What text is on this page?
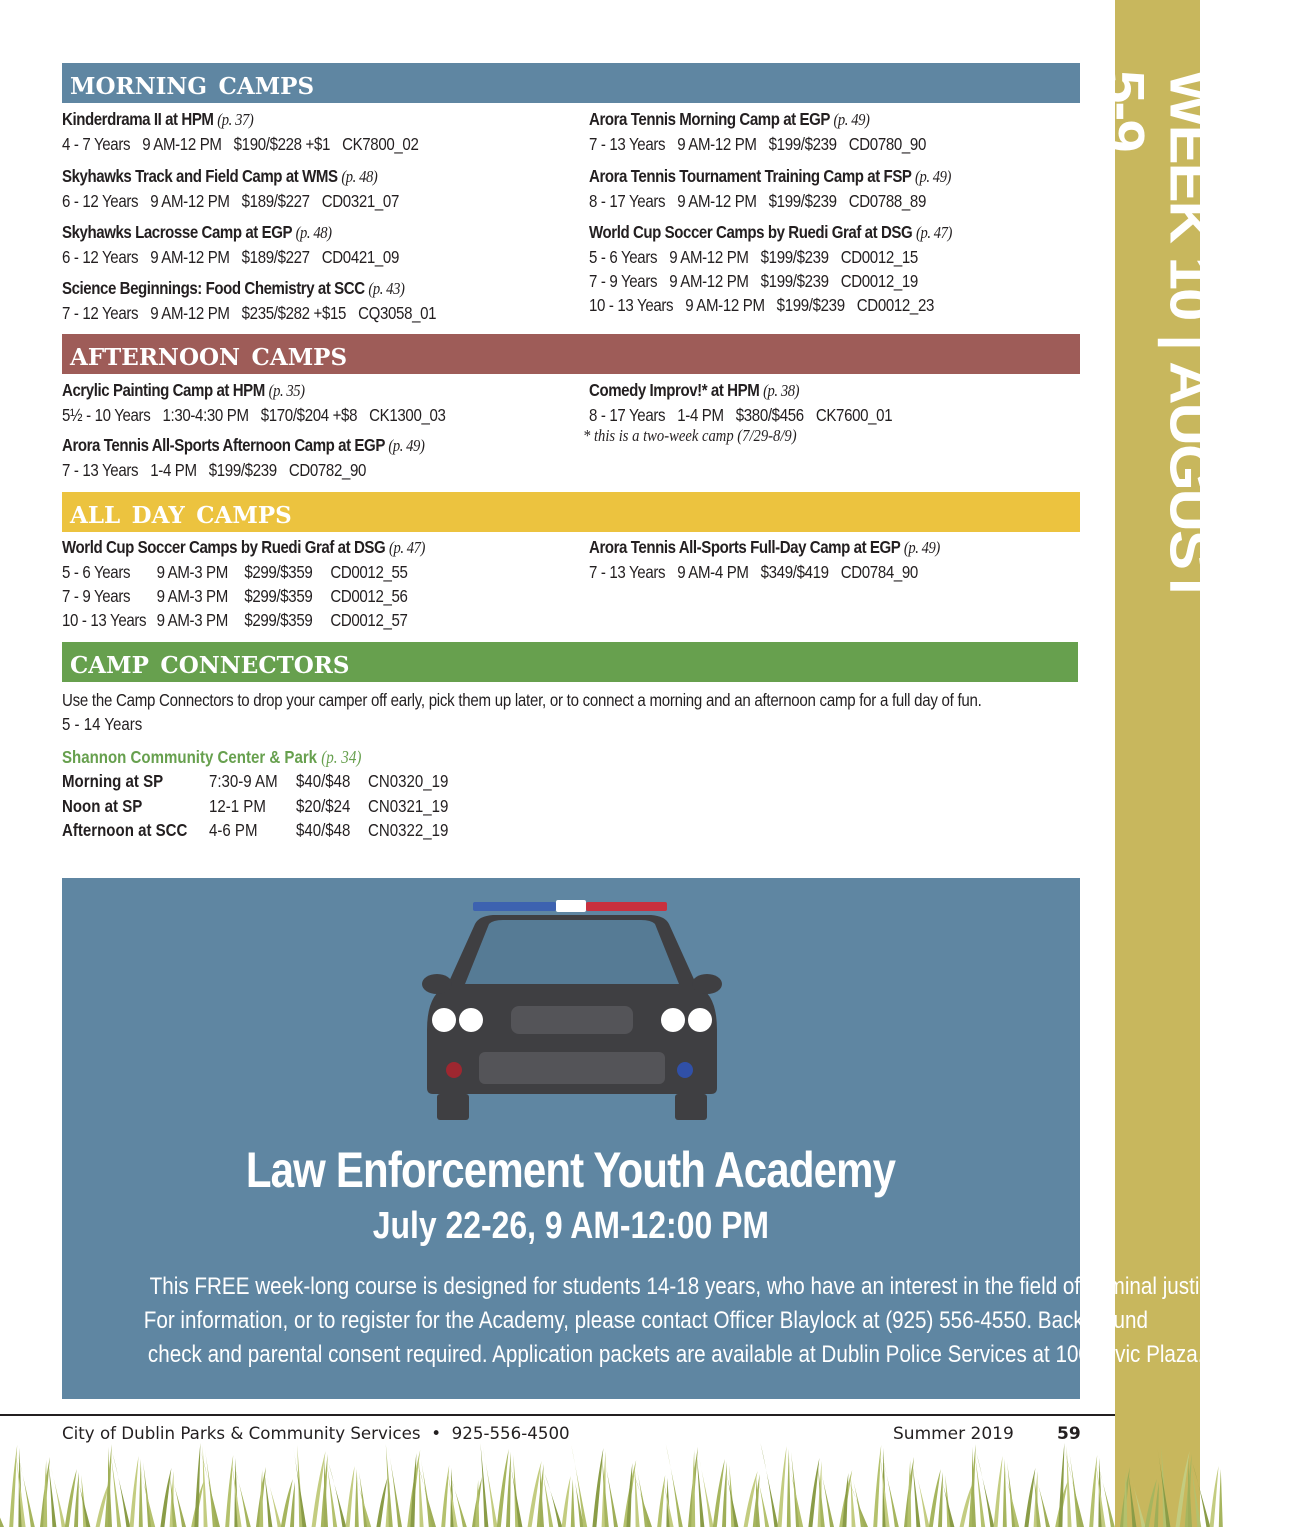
WEEK 10 | AUGUST 5-9
morning camps
Kinderdrama II at HPM (p. 37)
4 - 7 Years 9 AM-12 PM $190/$228 +$1 CK7800_02
Skyhawks Track and Field Camp at WMS (p. 48)
6 - 12 Years 9 AM-12 PM $189/$227 CD0321_07
Skyhawks Lacrosse Camp at EGP (p. 48)
6 - 12 Years 9 AM-12 PM $189/$227 CD0421_09
Science Beginnings: Food Chemistry at SCC (p. 43)
7 - 12 Years 9 AM-12 PM $235/$282 +$15 CQ3058_01
Arora Tennis Morning Camp at EGP (p. 49)
7 - 13 Years 9 AM-12 PM $199/$239 CD0780_90
Arora Tennis Tournament Training Camp at FSP (p. 49)
8 - 17 Years 9 AM-12 PM $199/$239 CD0788_89
World Cup Soccer Camps by Ruedi Graf at DSG (p. 47)
5 - 6 Years 9 AM-12 PM $199/$239 CD0012_15
7 - 9 Years 9 AM-12 PM $199/$239 CD0012_19
10 - 13 Years 9 AM-12 PM $199/$239 CD0012_23
afternoon camps
Acrylic Painting Camp at HPM (p. 35)
5½ - 10 Years 1:30-4:30 PM $170/$204 +$8 CK1300_03
Arora Tennis All-Sports Afternoon Camp at EGP (p. 49)
7 - 13 Years 1-4 PM $199/$239 CD0782_90
Comedy Improv!* at HPM (p. 38)
8 - 17 Years 1-4 PM $380/$456 CK7600_01
* this is a two-week camp (7/29-8/9)
all day camps
World Cup Soccer Camps by Ruedi Graf at DSG (p. 47)
5 - 6 Years	9 AM-3 PM $299/$359	CD0012_55
7 - 9 Years	9 AM-3 PM $299/$359	CD0012_56
10 - 13 Years 9 AM-3 PM $299/$359	CD0012_57
Arora Tennis All-Sports Full-Day Camp at EGP (p. 49)
7 - 13 Years 9 AM-4 PM $349/$419 CD0784_90
camp connectors
Use the Camp Connectors to drop your camper off early, pick them up later, or to connect a morning and an afternoon camp for a full day of fun.
5 - 14 Years
Shannon Community Center & Park (p. 34)
Morning at SP	7:30-9 AM $40/$48 CN0320_19
Noon at SP	12-1 PM $20/$24 CN0321_19
Afternoon at SCC 4-6 PM $40/$48 CN0322_19
Law Enforcement Youth Academy
July 22-26, 9 AM-12:00 PM
This FREE week-long course is designed for students 14-18 years, who have an interest in the field of criminal justice.
For information, or to register for the Academy, please contact Officer Blaylock at (925) 556-4550. Background
check and parental consent required. Application packets are available at Dublin Police Services at 100 Civic Plaza.
City of Dublin Parks & Community Services • 925-556-4500	Summer 2019	59
